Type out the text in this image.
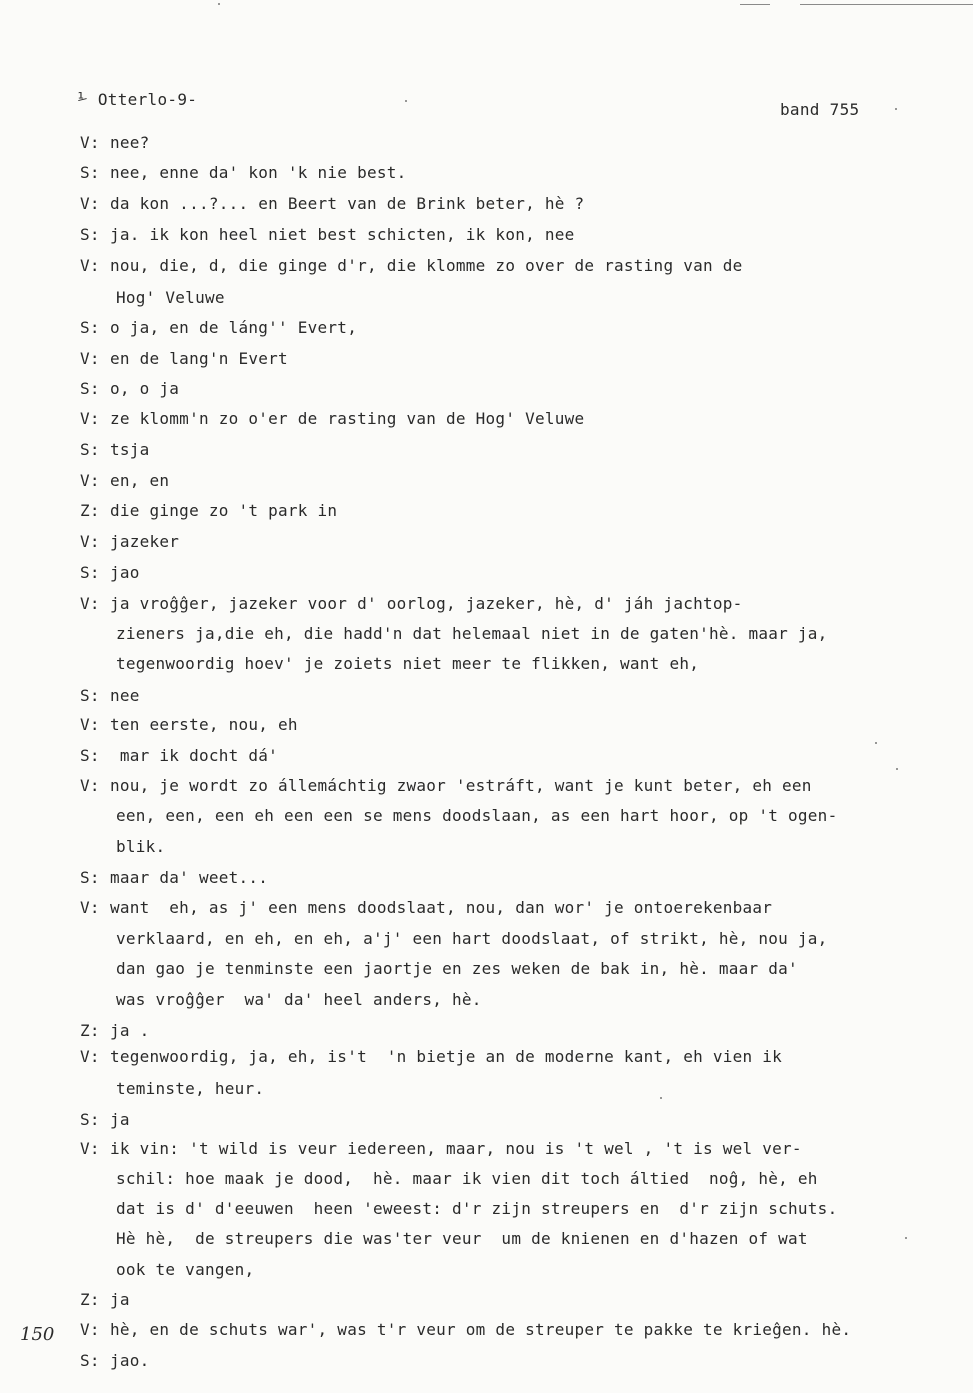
⅟ Otterlo-9-
band 755
V: nee?
S: nee, enne da' kon 'k nie best.
V: da kon ...?... en Beert van de Brink beter, hè ?
S: ja. ik kon heel niet best schicten, ik kon, nee
V: nou, die, d, die ginge d'r, die klomme zo over de rasting van de
Hog' Veluwe
S: o ja, en de láng'' Evert,
V: en de lang'n Evert
S: o, o ja
V: ze klomm'n zo o'er de rasting van de Hog' Veluwe
S: tsja
V: en, en
Z: die ginge zo 't park in
V: jazeker
S: jao
V: ja vroĝĝer, jazeker voor d' oorlog, jazeker, hè, d' jáh jachtop-
zieners ja,die eh, die hadd'n dat helemaal niet in de gaten'hè. maar ja,
tegenwoordig hoev' je zoiets niet meer te flikken, want eh,
S: nee
V: ten eerste, nou, eh
S: mar ik docht dá'
V: nou, je wordt zo állemáchtig zwaor 'estráft, want je kunt beter, eh een
een, een, een eh een een se mens doodslaan, as een hart hoor, op 't ogen-
blik.
S: maar da' weet...
V: want  eh, as j' een mens doodslaat, nou, dan wor' je ontoerekenbaar
verklaard, en eh, en eh, a'j' een hart doodslaat, of strikt, hè, nou ja,
dan gao je tenminste een jaortje en zes weken de bak in, hè. maar da'
was vroĝĝer  wa' da' heel anders, hè.
Z: ja .
V: tegenwoordig, ja, eh, is't  'n bietje an de moderne kant, eh vien ik
teminste, heur.
S: ja
V: ik vin: 't wild is veur iedereen, maar, nou is 't wel , 't is wel ver-
schil: hoe maak je dood,  hè. maar ik vien dit toch áltied  noĝ, hè, eh
dat is d' d'eeuwen  heen 'eweest: d'r zijn streupers en  d'r zijn schuts.
Hè hè,  de streupers die was'ter veur  um de knienen en d'hazen of wat
ook te vangen,
Z: ja
V: hè, en de schuts war', was t'r veur om de streuper te pakke te krieĝen. hè.
S: jao.
150
